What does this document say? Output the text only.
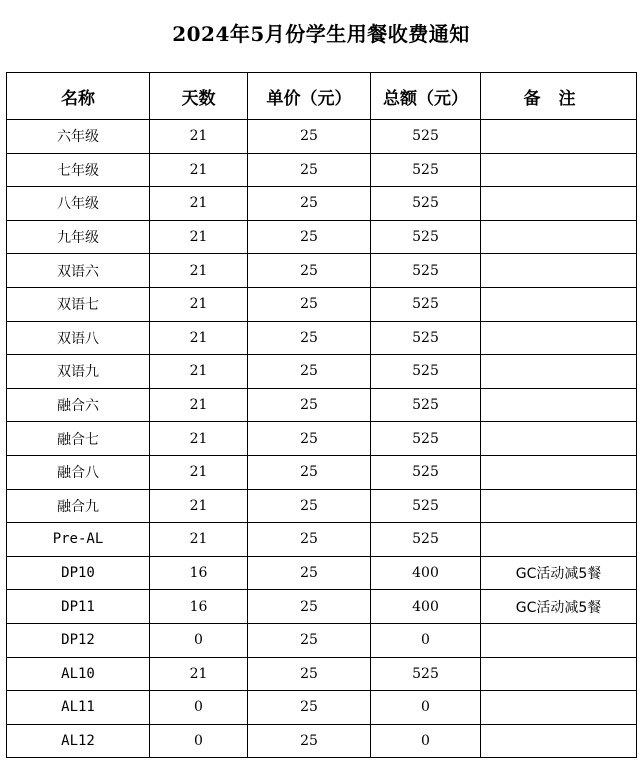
2024年5月份学生用餐收费通知
名称	天数	单价（元）	总额（元）	备注
六年级	21	25	525	
七年级	21	25	525	
八年级	21	25	525	
九年级	21	25	525	
双语六	21	25	525	
双语七	21	25	525	
双语八	21	25	525	
双语九	21	25	525	
融合六	21	25	525	
融合七	21	25	525	
融合八	21	25	525	
融合九	21	25	525	
Pre-AL	21	25	525	
DP10	16	25	400	GC活动减5餐
DP11	16	25	400	GC活动减5餐
DP12	0	25	0	
AL10	21	25	525	
AL11	0	25	0	
AL12	0	25	0	
